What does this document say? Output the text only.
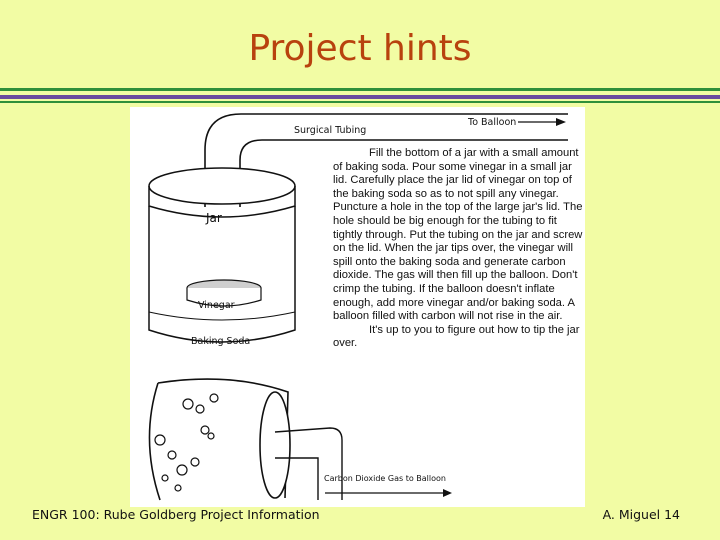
Project hints
Surgical Tubing
To Balloon
Jar
Vinegar
Baking Soda
Carbon Dioxide Gas to Balloon

Fill the bottom of a jar with a small amount of baking soda. Pour some vinegar in a small jar lid. Carefully place the jar lid of vinegar on top of the baking soda so as to not spill any vinegar. Puncture a hole in the top of the large jar's lid. The hole should be big enough for the tubing to fit tightly through. Put the tubing on the jar and screw on the lid. When the jar tips over, the vinegar will spill onto the baking soda and generate carbon dioxide. The gas will then fill up the balloon. Don't crimp the tubing. If the balloon doesn't inflate enough, add more vinegar and/or baking soda. A balloon filled with carbon will not rise in the air.

It's up to you to figure out how to tip the jar over.

ENGR 100: Rube Goldberg Project Information	A. Miguel 14
